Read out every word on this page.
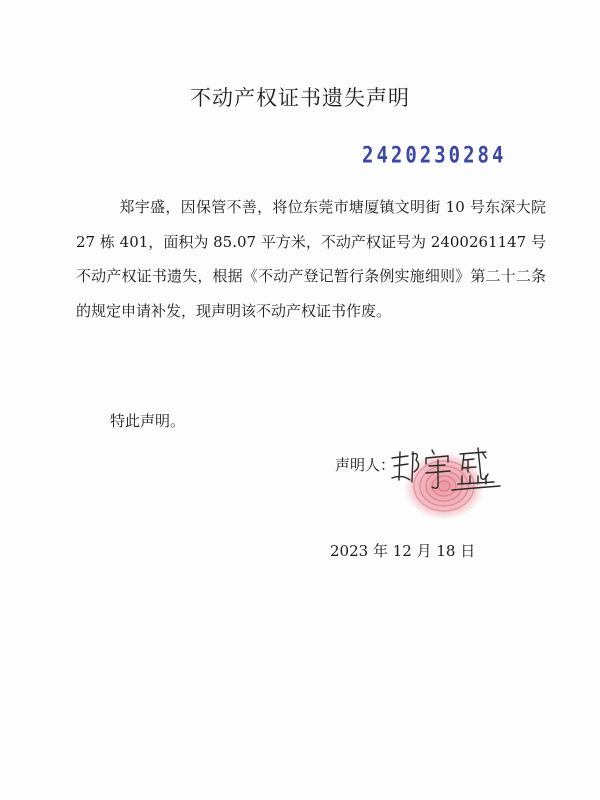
不动产权证书遗失声明
2420230284

郑宇盛，因保管不善，将位东莞市塘厦镇文明街 10 号东深大院 27 栋 401，面积为 85.07 平方米，不动产权证号为 2400261147 号不动产权证书遗失，根据《不动产登记暂行条例实施细则》第二十二条的规定申请补发，现声明该不动产权证书作废。

特此声明。
声明人：
2023 年 12 月 18 日
